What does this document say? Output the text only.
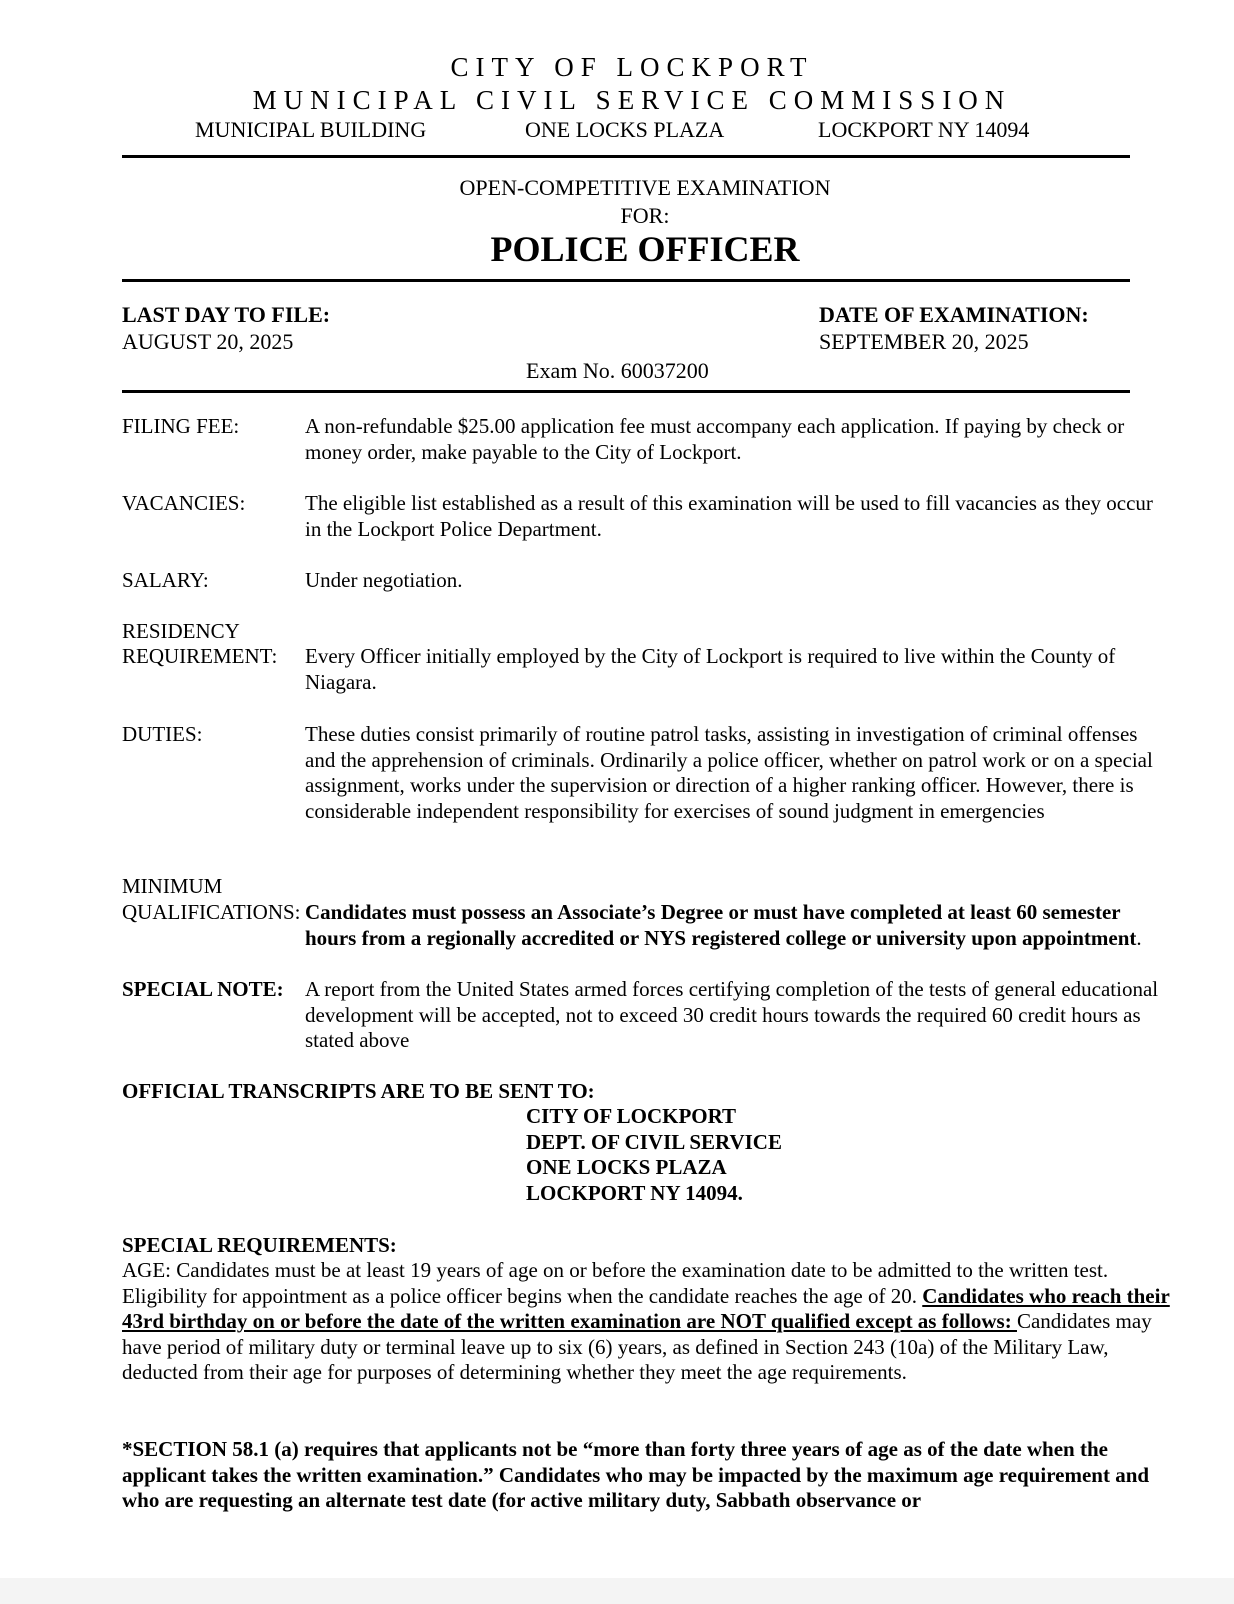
CITY OF LOCKPORT
MUNICIPAL CIVIL SERVICE COMMISSION
MUNICIPAL BUILDING	ONE LOCKS PLAZA	LOCKPORT NY 14094
OPEN-COMPETITIVE EXAMINATION
FOR:
POLICE OFFICER
LAST DAY TO FILE:
AUGUST 20, 2025
DATE OF EXAMINATION:
SEPTEMBER 20, 2025
Exam No. 60037200
FILING FEE:	A non-refundable $25.00 application fee must accompany each application. If paying by check or money order, make payable to the City of Lockport.
VACANCIES:	The eligible list established as a result of this examination will be used to fill vacancies as they occur in the Lockport Police Department.
SALARY:	Under negotiation.
RESIDENCY
REQUIREMENT: Every Officer initially employed by the City of Lockport is required to live within the County of Niagara.
DUTIES:	These duties consist primarily of routine patrol tasks, assisting in investigation of criminal offenses and the apprehension of criminals. Ordinarily a police officer, whether on patrol work or on a special assignment, works under the supervision or direction of a higher ranking officer. However, there is considerable independent responsibility for exercises of sound judgment in emergencies
MINIMUM
QUALIFICATIONS: Candidates must possess an Associate’s Degree or must have completed at least 60 semester hours from a regionally accredited or NYS registered college or university upon appointment.
SPECIAL NOTE: A report from the United States armed forces certifying completion of the tests of general educational development will be accepted, not to exceed 30 credit hours towards the required 60 credit hours as stated above
OFFICIAL TRANSCRIPTS ARE TO BE SENT TO:
CITY OF LOCKPORT
DEPT. OF CIVIL SERVICE
ONE LOCKS PLAZA
LOCKPORT NY 14094.
SPECIAL REQUIREMENTS:
AGE: Candidates must be at least 19 years of age on or before the examination date to be admitted to the written test. Eligibility for appointment as a police officer begins when the candidate reaches the age of 20. Candidates who reach their 43rd birthday on or before the date of the written examination are NOT qualified except as follows: Candidates may have period of military duty or terminal leave up to six (6) years, as defined in Section 243 (10a) of the Military Law, deducted from their age for purposes of determining whether they meet the age requirements.
*SECTION 58.1 (a) requires that applicants not be “more than forty three years of age as of the date when the applicant takes the written examination.” Candidates who may be impacted by the maximum age requirement and who are requesting an alternate test date (for active military duty, Sabbath observance or
